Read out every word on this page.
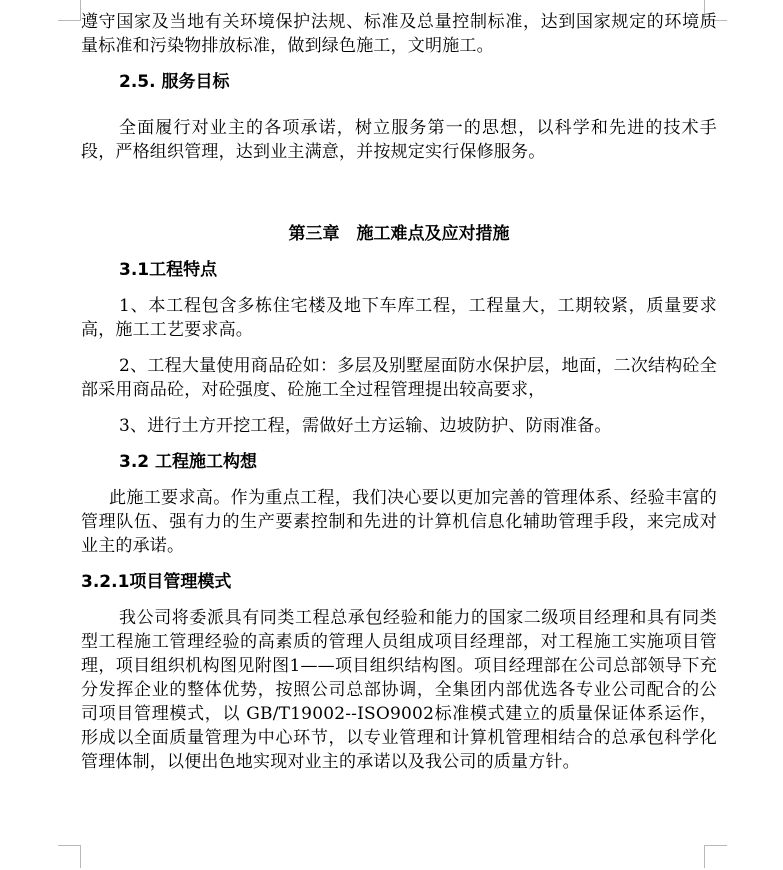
遵守国家及当地有关环境保护法规、标准及总量控制标准，达到国家规定的环境质量标准和污染物排放标准，做到绿色施工，文明施工。

2.5. 服务目标

全面履行对业主的各项承诺，树立服务第一的思想，以科学和先进的技术手段，严格组织管理，达到业主满意，并按规定实行保修服务。

第三章　施工难点及应对措施

3.1工程特点

1、本工程包含多栋住宅楼及地下车库工程，工程量大，工期较紧，质量要求高，施工工艺要求高。

2、工程大量使用商品砼如：多层及别墅屋面防水保护层，地面，二次结构砼全部采用商品砼，对砼强度、砼施工全过程管理提出较高要求，

3、进行土方开挖工程，需做好土方运输、边坡防护、防雨准备。

3.2 工程施工构想

此施工要求高。作为重点工程，我们决心要以更加完善的管理体系、经验丰富的管理队伍、强有力的生产要素控制和先进的计算机信息化辅助管理手段，来完成对业主的承诺。

3.2.1项目管理模式

我公司将委派具有同类工程总承包经验和能力的国家二级项目经理和具有同类型工程施工管理经验的高素质的管理人员组成项目经理部，对工程施工实施项目管理，项目组织机构图见附图1——项目组织结构图。项目经理部在公司总部领导下充分发挥企业的整体优势，按照公司总部协调，全集团内部优选各专业公司配合的公司项目管理模式，以 GB/T19002--ISO9002标准模式建立的质量保证体系运作，形成以全面质量管理为中心环节，以专业管理和计算机管理相结合的总承包科学化管理体制，以便出色地实现对业主的承诺以及我公司的质量方针。
